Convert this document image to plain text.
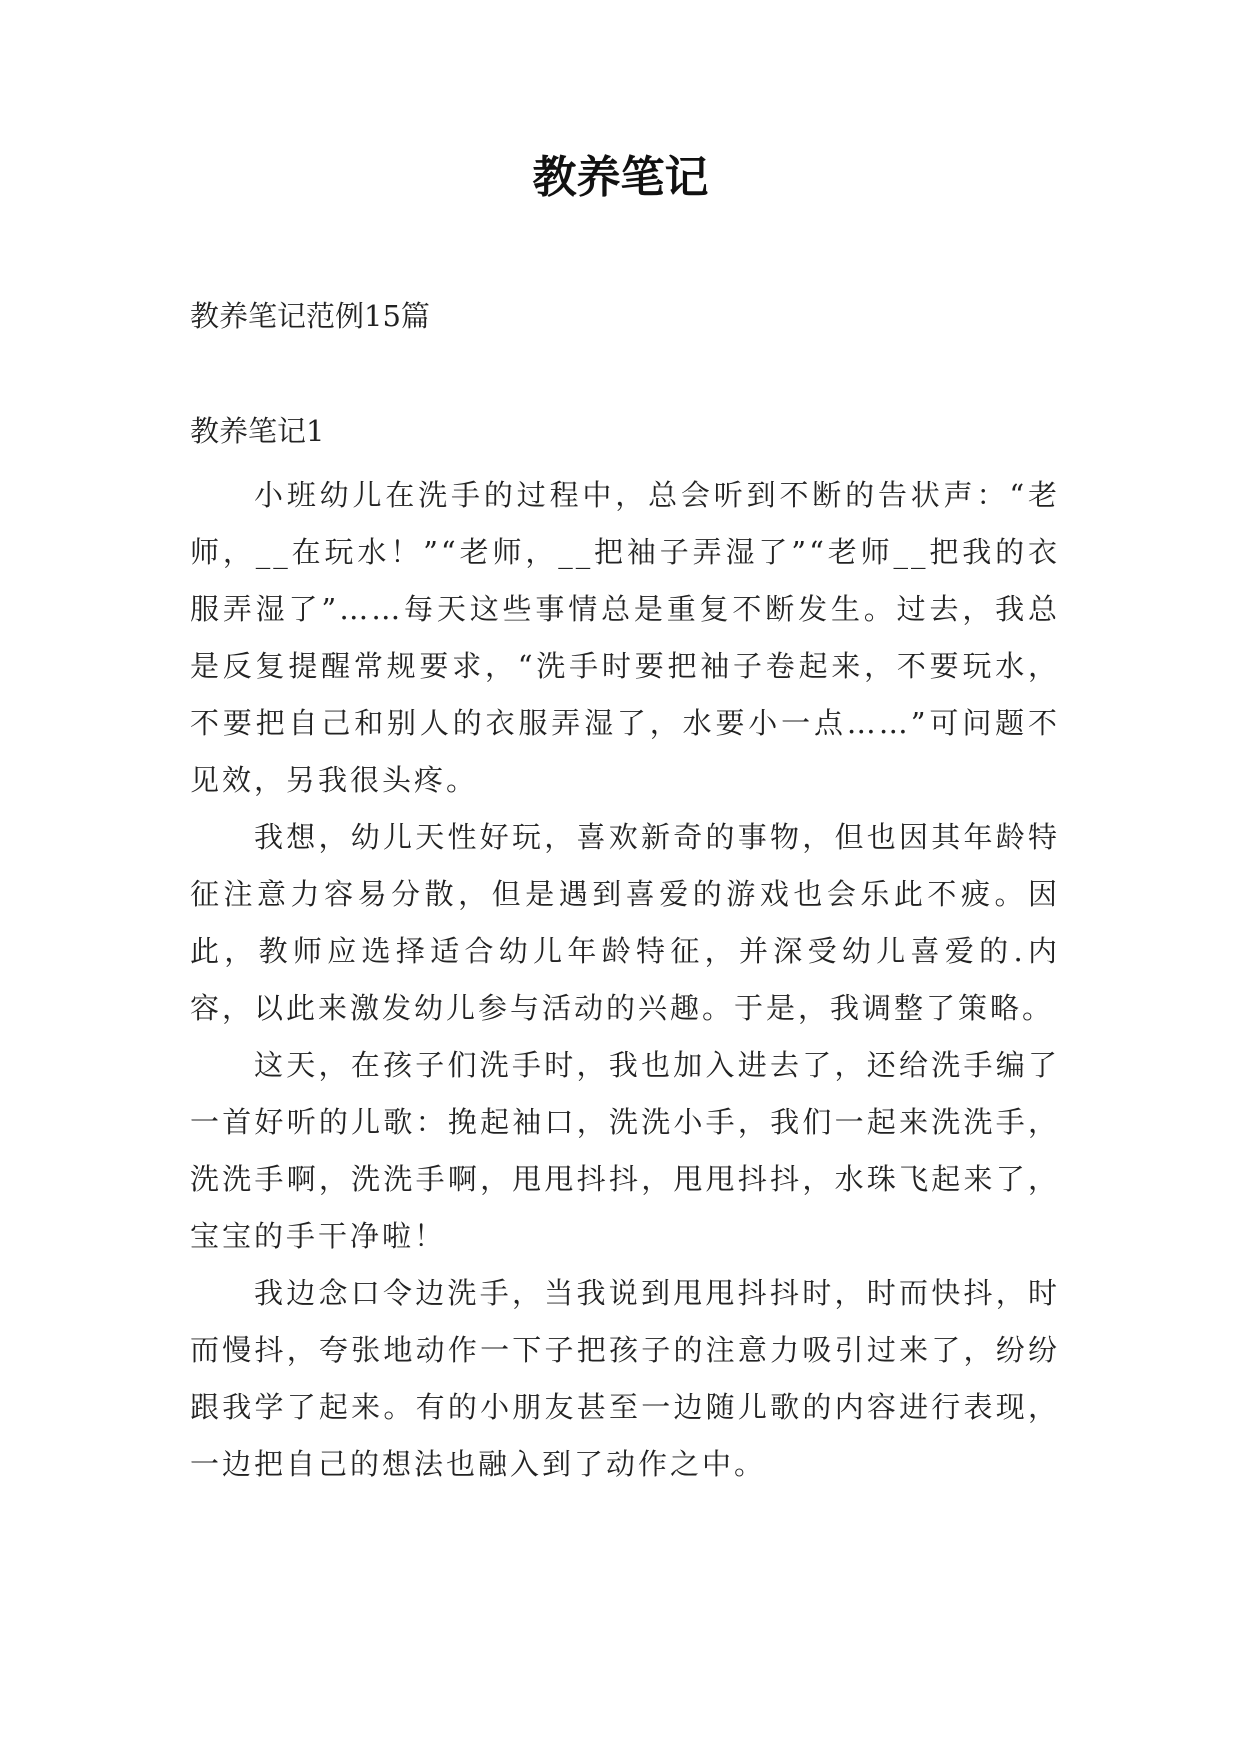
教养笔记

教养笔记范例15篇

教养笔记1

小班幼儿在洗手的过程中，总会听到不断的告状声：“老师，__在玩水！”“老师，__把袖子弄湿了”“老师__把我的衣服弄湿了”……每天这些事情总是重复不断发生。过去，我总是反复提醒常规要求，“洗手时要把袖子卷起来，不要玩水，不要把自己和别人的衣服弄湿了，水要小一点……”可问题不见效，另我很头疼。

我想，幼儿天性好玩，喜欢新奇的事物，但也因其年龄特征注意力容易分散，但是遇到喜爱的游戏也会乐此不疲。因此，教师应选择适合幼儿年龄特征，并深受幼儿喜爱的.内容，以此来激发幼儿参与活动的兴趣。于是，我调整了策略。

这天，在孩子们洗手时，我也加入进去了，还给洗手编了一首好听的儿歌：挽起袖口，洗洗小手，我们一起来洗洗手，洗洗手啊，洗洗手啊，甩甩抖抖，甩甩抖抖，水珠飞起来了，宝宝的手干净啦！

我边念口令边洗手，当我说到甩甩抖抖时，时而快抖，时而慢抖，夸张地动作一下子把孩子的注意力吸引过来了，纷纷跟我学了起来。有的小朋友甚至一边随儿歌的内容进行表现，一边把自己的想法也融入到了动作之中。
